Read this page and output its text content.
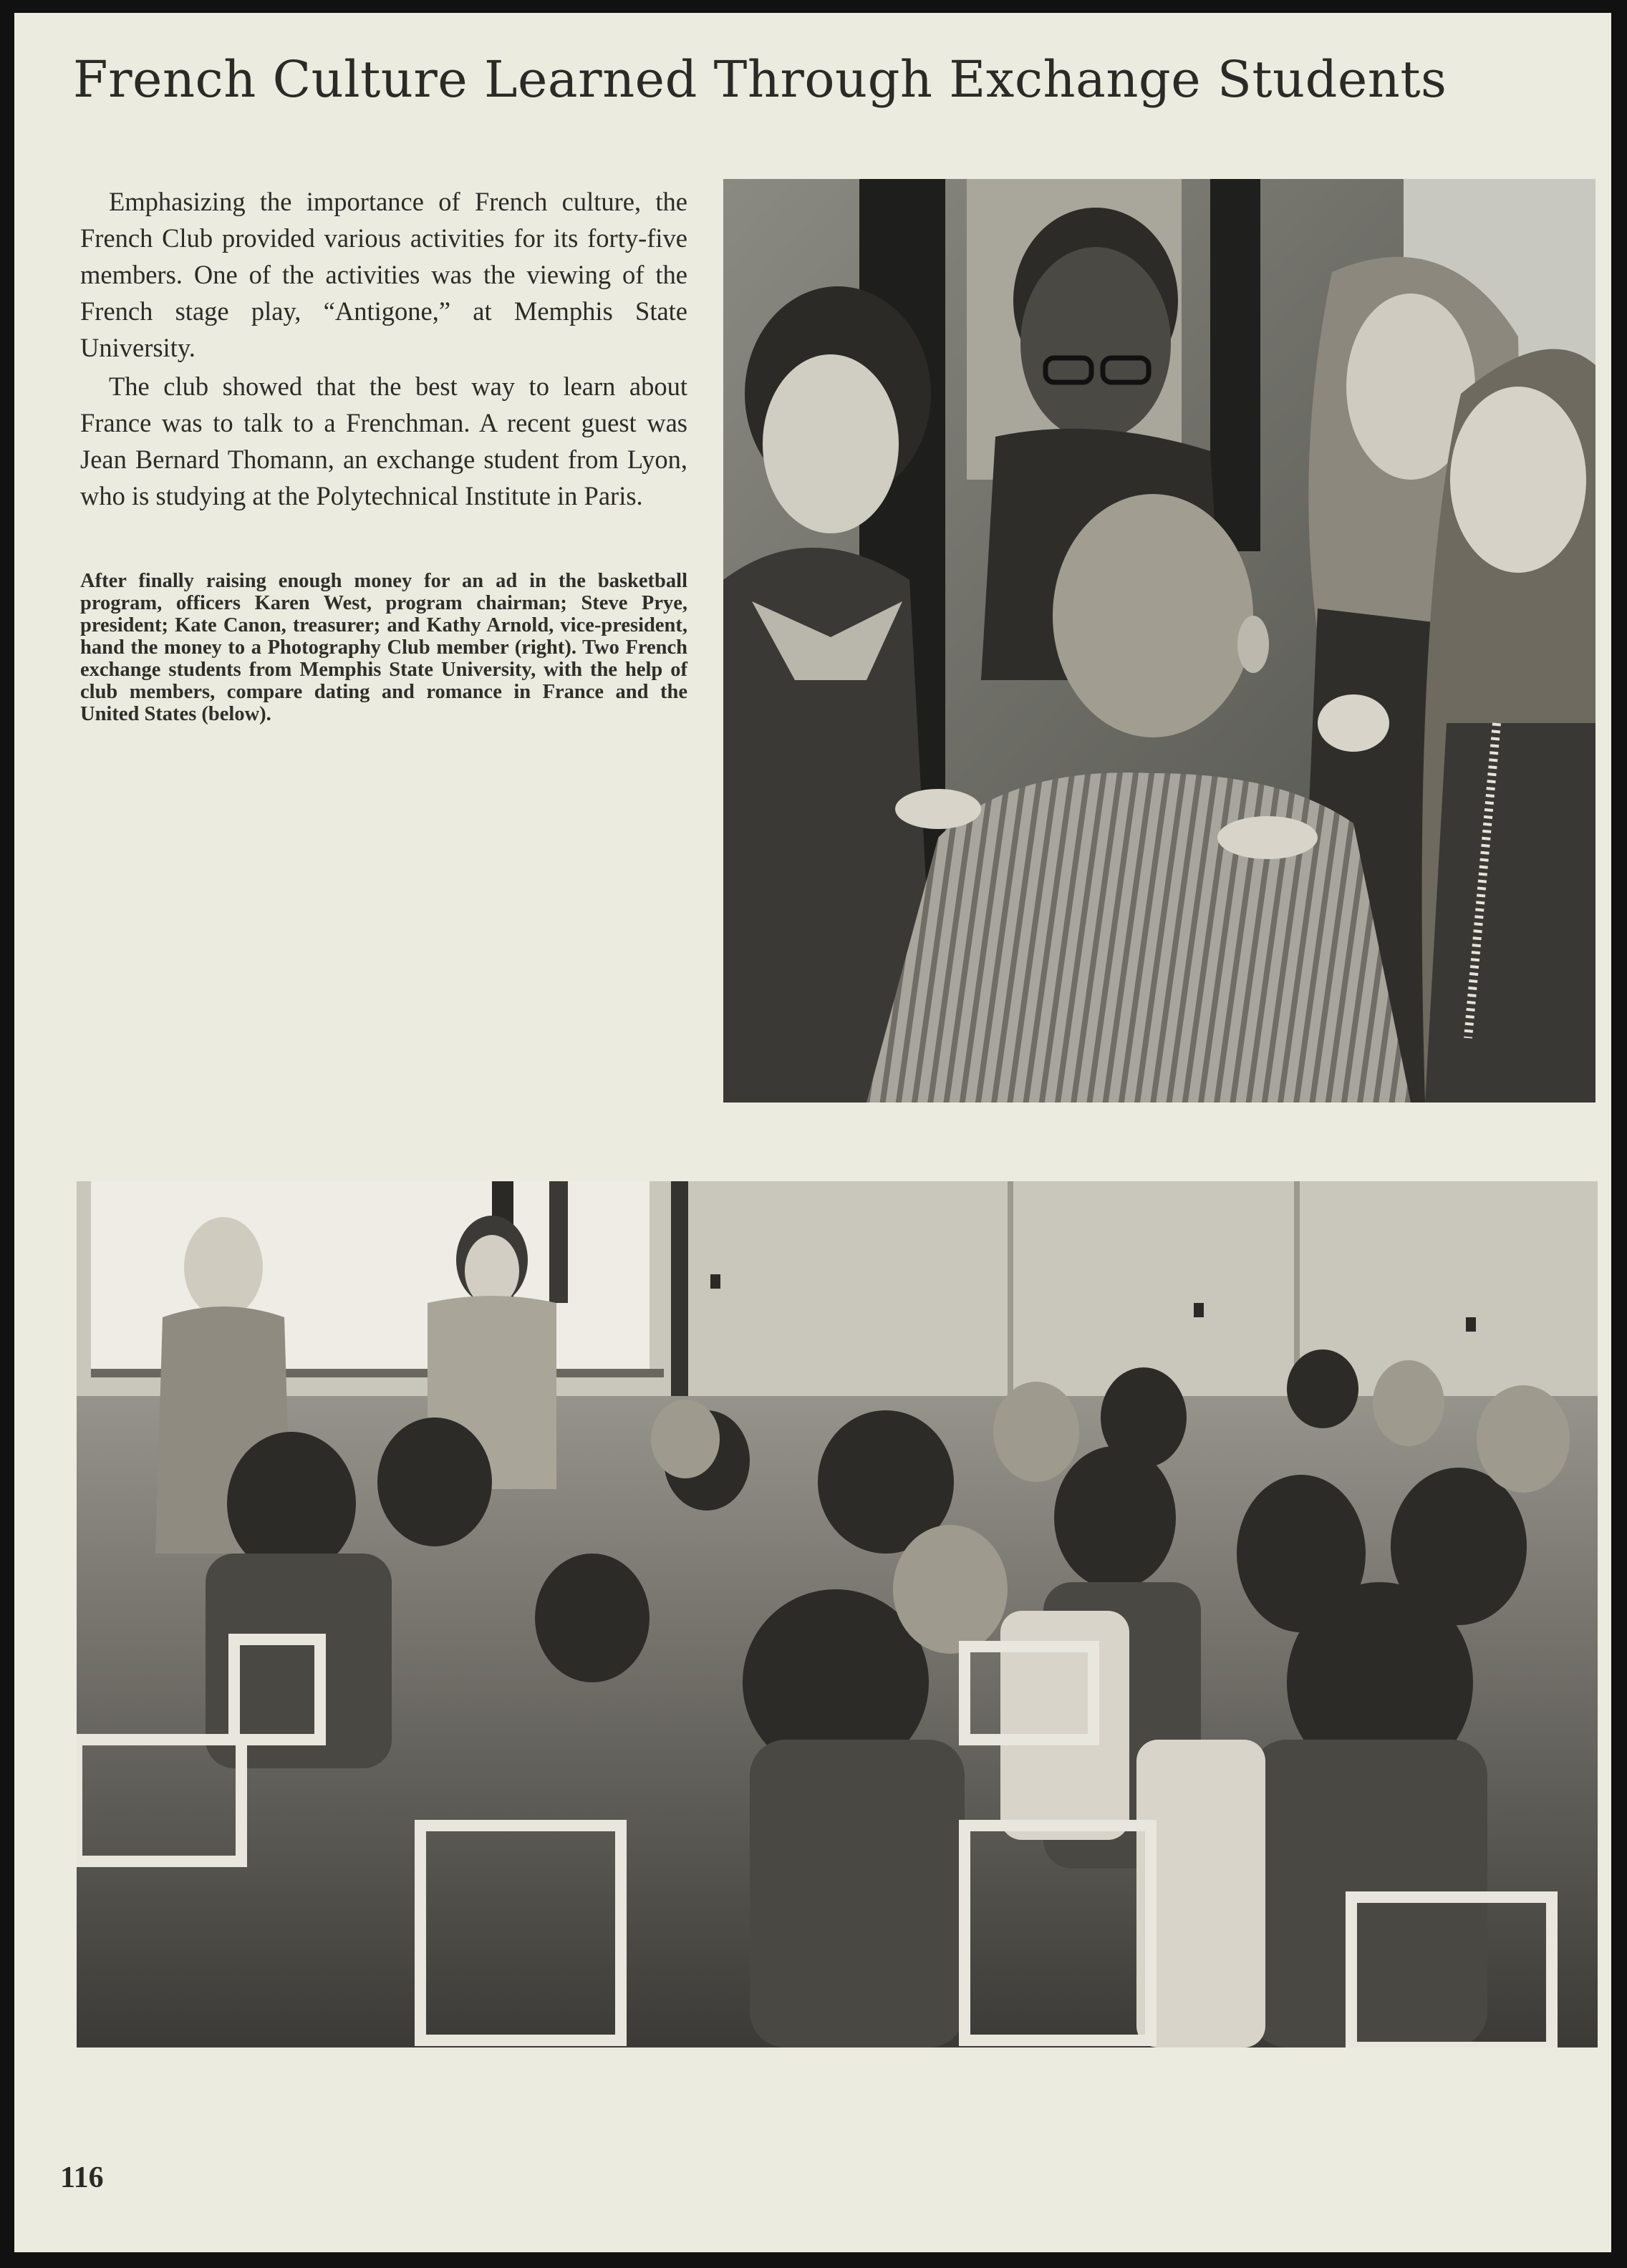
French Culture Learned Through Exchange Students

Emphasizing the importance of French culture, the French Club provided various activities for its forty-five members. One of the activities was the viewing of the French stage play, “Antigone,” at Memphis State University.

The club showed that the best way to learn about France was to talk to a Frenchman. A recent guest was Jean Bernard Thomann, an exchange student from Lyon, who is studying at the Polytechnical Institute in Paris.

After finally raising enough money for an ad in the basketball program, officers Karen West, program chairman; Steve Prye, president; Kate Canon, treasurer; and Kathy Arnold, vice-president, hand the money to a Photography Club member (right). Two French exchange students from Memphis State University, with the help of club members, compare dating and romance in France and the United States (below).

116
